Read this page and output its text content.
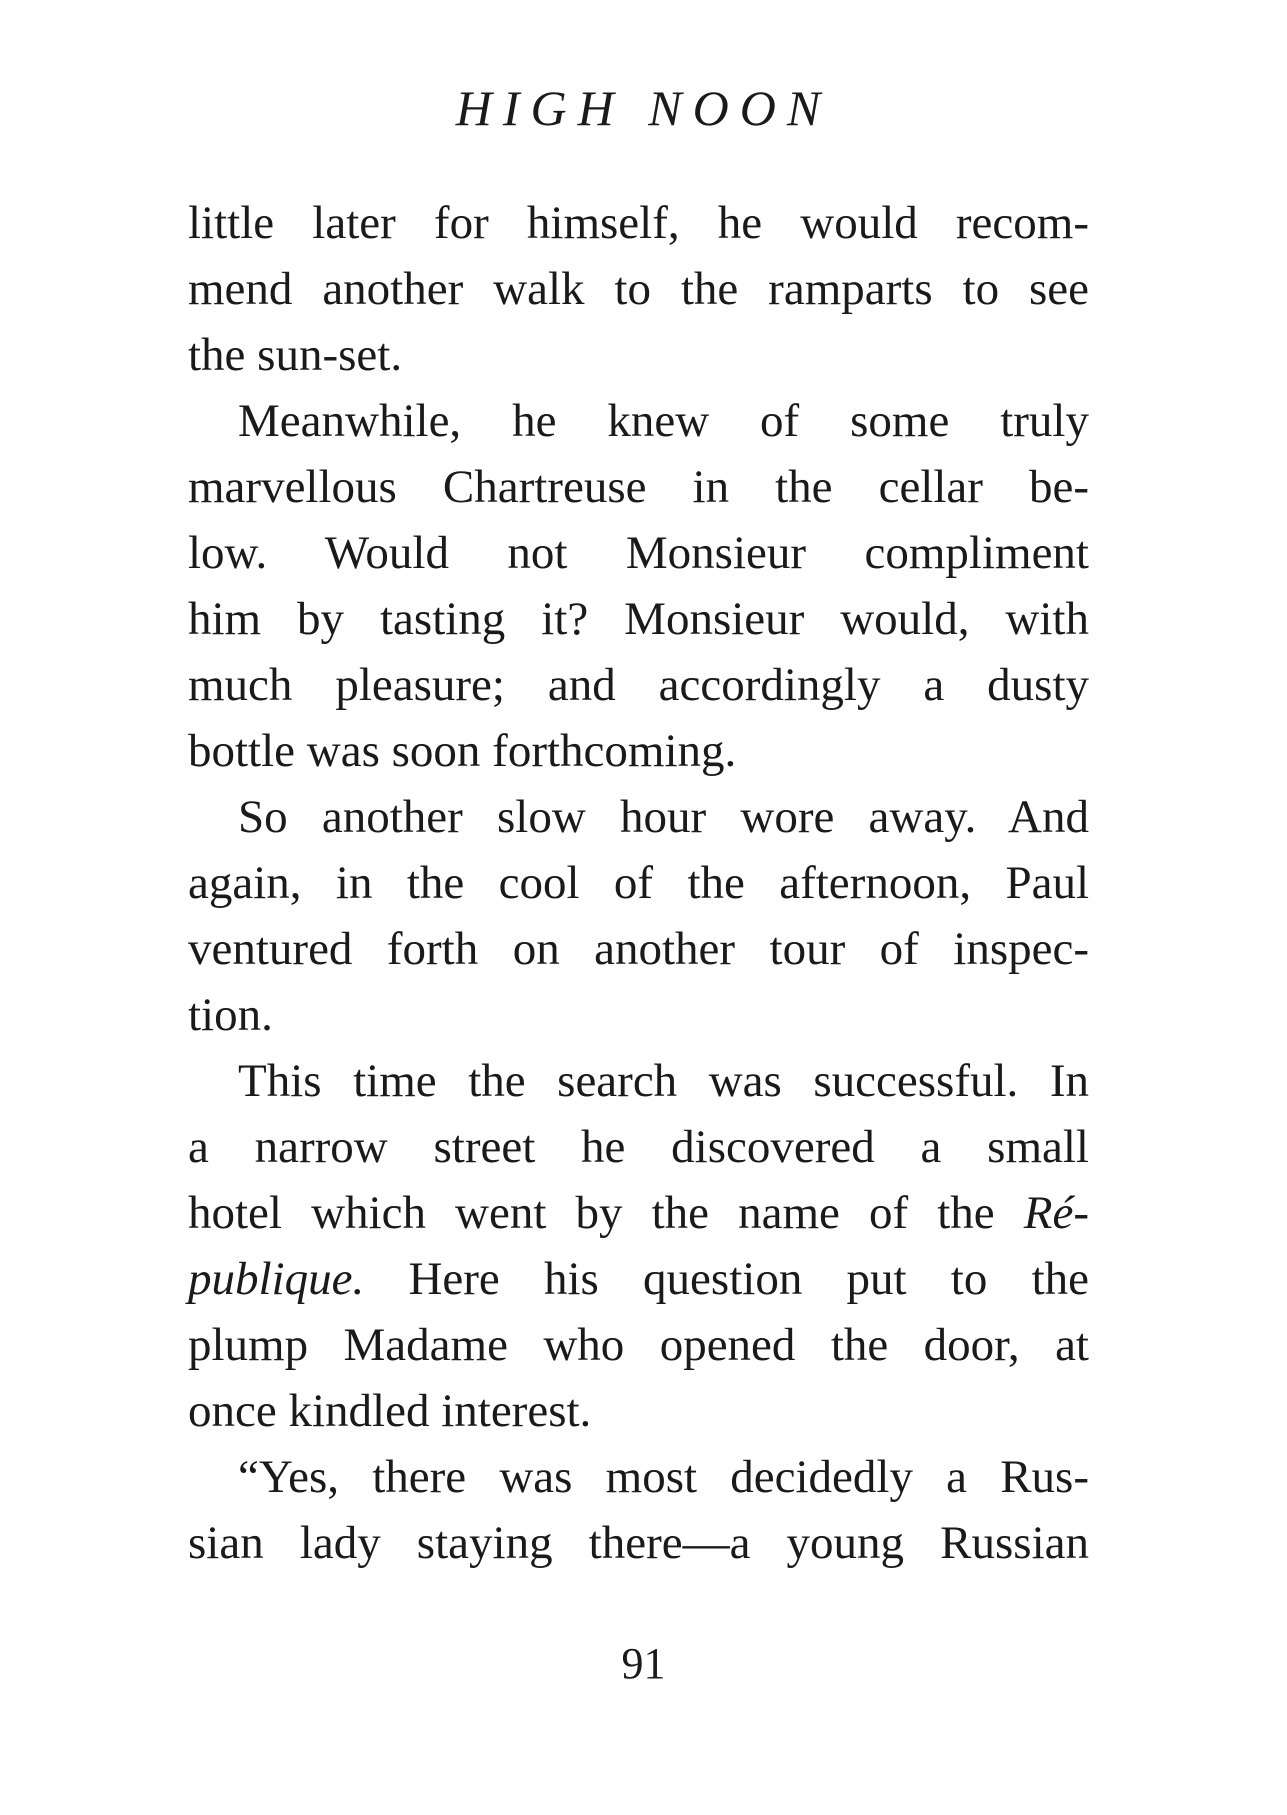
HIGH NOON
little later for himself, he would recom-
mend another walk to the ramparts to see
the sun-set.
Meanwhile, he knew of some truly
marvellous Chartreuse in the cellar be-
low. Would not Monsieur compliment
him by tasting it? Monsieur would, with
much pleasure; and accordingly a dusty
bottle was soon forthcoming.
So another slow hour wore away. And
again, in the cool of the afternoon, Paul
ventured forth on another tour of inspec-
tion.
This time the search was successful. In
a narrow street he discovered a small
hotel which went by the name of the Ré-
publique. Here his question put to the
plump Madame who opened the door, at
once kindled interest.
“Yes, there was most decidedly a Rus-
sian lady staying there—a young Russian
91
